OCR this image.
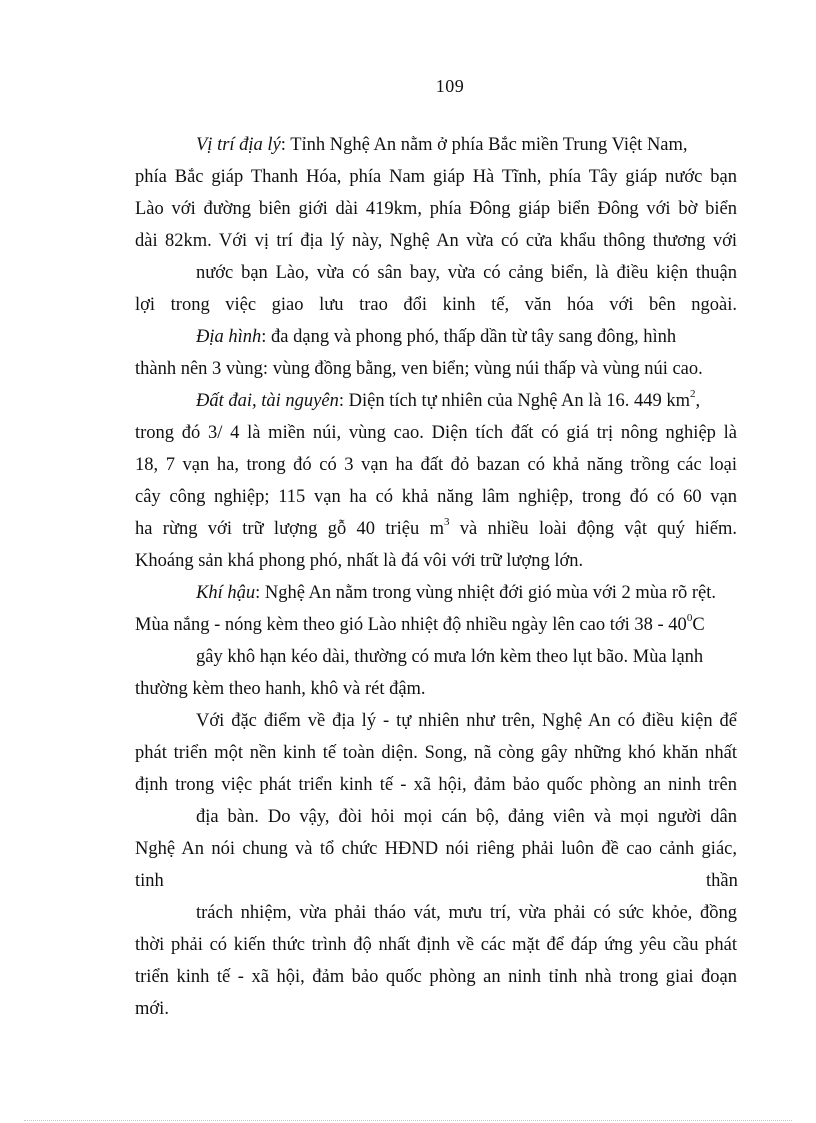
109
Vị trí địa lý: Tỉnh Nghệ An nằm ở phía Bắc miền Trung Việt Nam,
phía Bắc giáp Thanh Hóa, phía Nam giáp Hà Tĩnh, phía Tây giáp nước bạn
Lào với đường biên giới dài 419km, phía Đông giáp biển Đông với bờ biển
dài 82km. Với vị trí địa lý này, Nghệ An vừa có cửa khẩu thông thương với
nước bạn Lào, vừa có sân bay, vừa có cảng biển, là điều kiện thuận
lợi trong việc giao lưu trao đổi kinh tế, văn hóa với bên ngoài.
Địa hình: đa dạng và phong phó, thấp dần từ tây sang đông, hình
thành nên 3 vùng: vùng đồng bằng, ven biển; vùng núi thấp và vùng núi cao.
Đất đai, tài nguyên: Diện tích tự nhiên của Nghệ An là 16. 449 $km^2$,
trong đó 3/ 4 là miền núi, vùng cao. Diện tích đất có giá trị nông nghiệp là
18, 7 vạn ha, trong đó có 3 vạn ha đất đỏ bazan có khả năng trồng các loại
cây công nghiệp; 115 vạn ha có khả năng lâm nghiệp, trong đó có 60 vạn
ha rừng với trữ lượng gỗ 40 triệu $m^3$ và nhiều loài động vật quý hiếm.
Khoáng sản khá phong phó, nhất là đá vôi với trữ lượng lớn.
Khí hậu: Nghệ An nằm trong vùng nhiệt đới gió mùa với 2 mùa rõ rệt.
Mùa nắng - nóng kèm theo gió Lào nhiệt độ nhiều ngày lên cao tới $38 - 40^0C$
gây khô hạn kéo dài, thường có mưa lớn kèm theo lụt bão. Mùa lạnh
thường kèm theo hanh, khô và rét đậm.
Với đặc điểm về địa lý - tự nhiên như trên, Nghệ An có điều kiện để
phát triển một nền kinh tế toàn diện. Song, nã còng gây những khó khăn nhất
định trong việc phát triển kinh tế - xã hội, đảm bảo quốc phòng an ninh trên
địa bàn. Do vậy, đòi hỏi mọi cán bộ, đảng viên và mọi người dân
Nghệ An nói chung và tổ chức HĐND nói riêng phải luôn đề cao cảnh giác,
tinh	thần
trách nhiệm, vừa phải tháo vát, mưu trí, vừa phải có sức khỏe, đồng
thời phải có kiến thức trình độ nhất định về các mặt để đáp ứng yêu cầu phát
triển kinh tế - xã hội, đảm bảo quốc phòng an ninh tỉnh nhà trong giai đoạn
mới.
